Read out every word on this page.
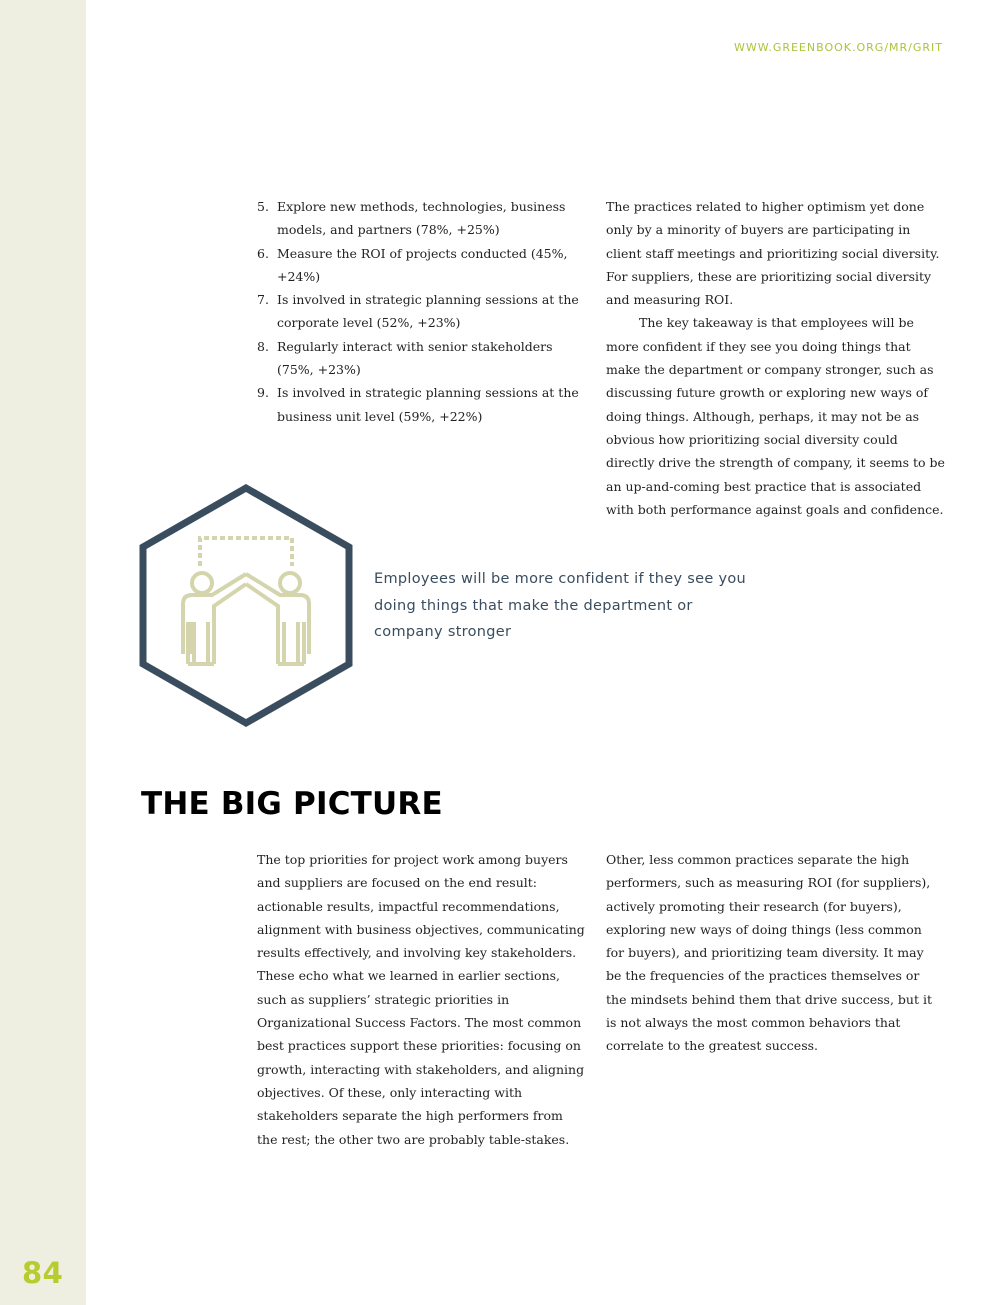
84
WWW.GREENBOOK.ORG/MR/GRIT
5. Explore new methods, technologies, business models, and partners (78%, +25%)
6. Measure the ROI of projects conducted (45%, +24%)
7. Is involved in strategic planning sessions at the corporate level (52%, +23%)
8. Regularly interact with senior stakeholders (75%, +23%)
9. Is involved in strategic planning sessions at the business unit level (59%, +22%)

The practices related to higher optimism yet done only by a minority of buyers are participating in client staff meetings and prioritizing social diversity. For suppliers, these are prioritizing social diversity and measuring ROI.

The key takeaway is that employees will be more confident if they see you doing things that make the department or company stronger, such as discussing future growth or exploring new ways of doing things. Although, perhaps, it may not be as obvious how prioritizing social diversity could directly drive the strength of company, it seems to be an up-and-coming best practice that is associated with both performance against goals and confidence.

Employees will be more confident if they see you doing things that make the department or company stronger
THE BIG PICTURE

The top priorities for project work among buyers and suppliers are focused on the end result: actionable results, impactful recommendations, alignment with business objectives, communicating results effectively, and involving key stakeholders. These echo what we learned in earlier sections, such as suppliers’ strategic priorities in Organizational Success Factors. The most common best practices support these priorities: focusing on growth, interacting with stakeholders, and aligning objectives. Of these, only interacting with stakeholders separate the high performers from the rest; the other two are probably table-stakes.

Other, less common practices separate the high performers, such as measuring ROI (for suppliers), actively promoting their research (for buyers), exploring new ways of doing things (less common for buyers), and prioritizing team diversity. It may be the frequencies of the practices themselves or the mindsets behind them that drive success, but it is not always the most common behaviors that correlate to the greatest success.
